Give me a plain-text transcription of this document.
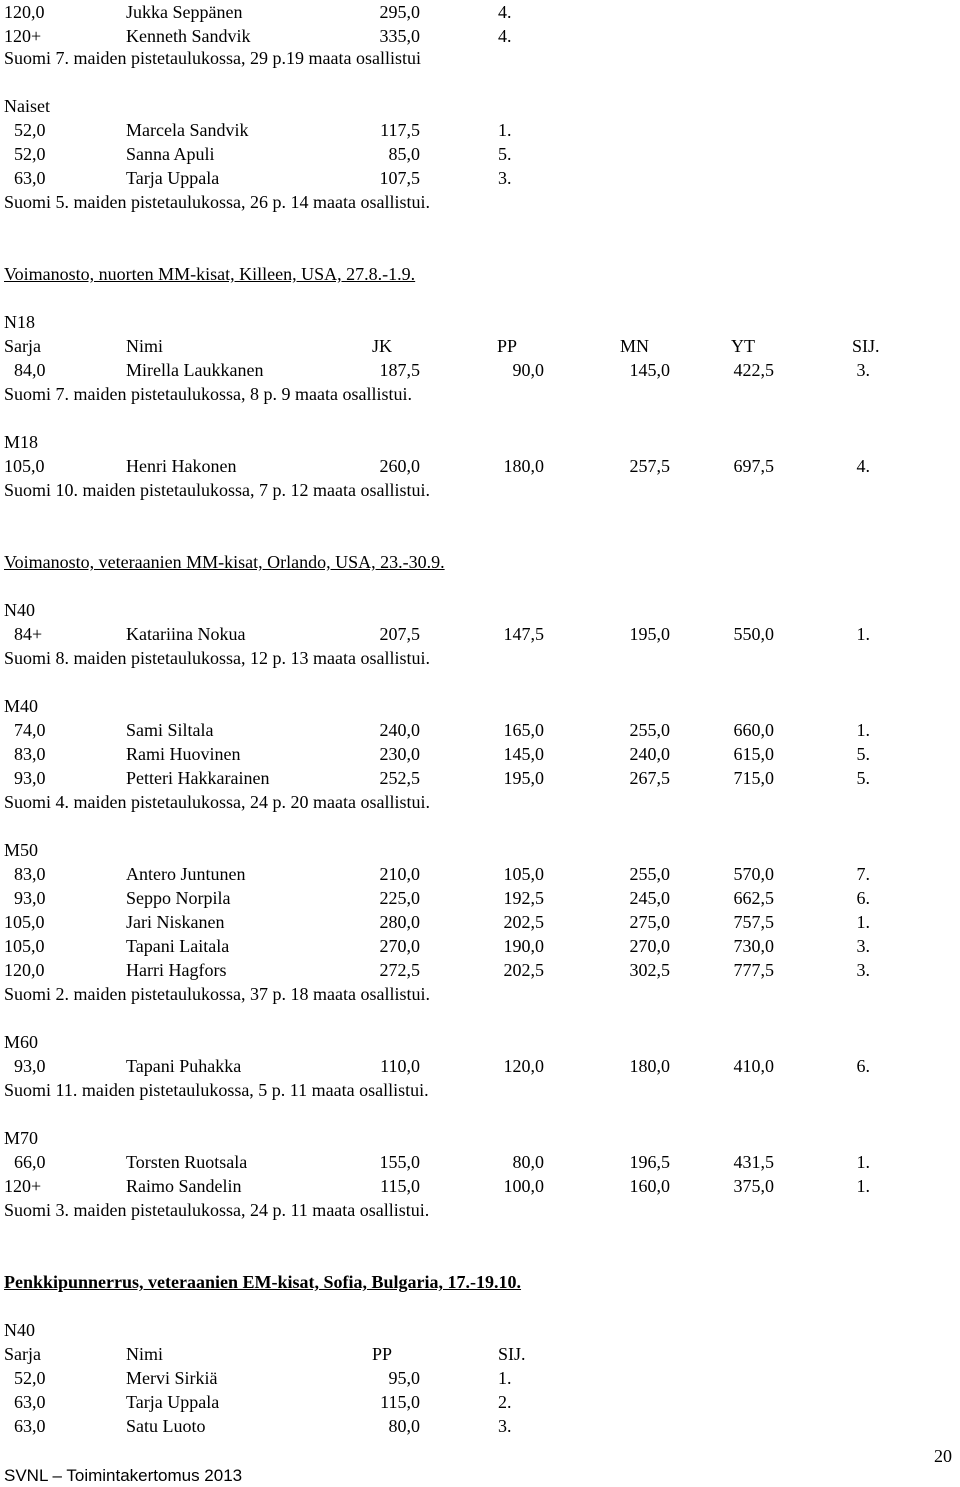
120,0	Jukka Seppänen	295,0	4.
120+	Kenneth Sandvik	335,0	4.
Suomi 7. maiden pistetaulukossa, 29 p.19 maata osallistui
Naiset
52,0	Marcela Sandvik	117,5	1.
52,0	Sanna Apuli	85,0	5.
63,0	Tarja Uppala	107,5	3.
Suomi 5. maiden pistetaulukossa, 26 p. 14 maata osallistui.
Voimanosto, nuorten MM-kisat, Killeen, USA, 27.8.-1.9.
N18
Sarja	Nimi	JK	PP	MN	YT	SIJ.
84,0	Mirella Laukkanen	187,5	90,0	145,0	422,5	3.
Suomi 7. maiden pistetaulukossa, 8 p. 9 maata osallistui.
M18
105,0	Henri Hakonen	260,0	180,0	257,5	697,5	4.
Suomi 10. maiden pistetaulukossa, 7 p. 12 maata osallistui.
Voimanosto, veteraanien MM-kisat, Orlando, USA, 23.-30.9.
N40
84+	Katariina Nokua	207,5	147,5	195,0	550,0	1.
Suomi 8. maiden pistetaulukossa, 12 p. 13 maata osallistui.
M40
74,0	Sami Siltala	240,0	165,0	255,0	660,0	1.
83,0	Rami Huovinen	230,0	145,0	240,0	615,0	5.
93,0	Petteri Hakkarainen	252,5	195,0	267,5	715,0	5.
Suomi 4. maiden pistetaulukossa, 24 p. 20 maata osallistui.
M50
83,0	Antero Juntunen	210,0	105,0	255,0	570,0	7.
93,0	Seppo Norpila	225,0	192,5	245,0	662,5	6.
105,0	Jari Niskanen	280,0	202,5	275,0	757,5	1.
105,0	Tapani Laitala	270,0	190,0	270,0	730,0	3.
120,0	Harri Hagfors	272,5	202,5	302,5	777,5	3.
Suomi 2. maiden pistetaulukossa, 37 p. 18 maata osallistui.
M60
93,0	Tapani Puhakka	110,0	120,0	180,0	410,0	6.
Suomi 11. maiden pistetaulukossa, 5 p. 11 maata osallistui.
M70
66,0	Torsten Ruotsala	155,0	80,0	196,5	431,5	1.
120+	Raimo Sandelin	115,0	100,0	160,0	375,0	1.
Suomi 3. maiden pistetaulukossa, 24 p. 11 maata osallistui.
Penkkipunnerrus, veteraanien EM-kisat, Sofia, Bulgaria, 17.-19.10.
N40
Sarja	Nimi	PP	SIJ.
52,0	Mervi Sirkiä	95,0	1.
63,0	Tarja Uppala	115,0	2.
63,0	Satu Luoto	80,0	3.
20
SVNL – Toimintakertomus 2013
